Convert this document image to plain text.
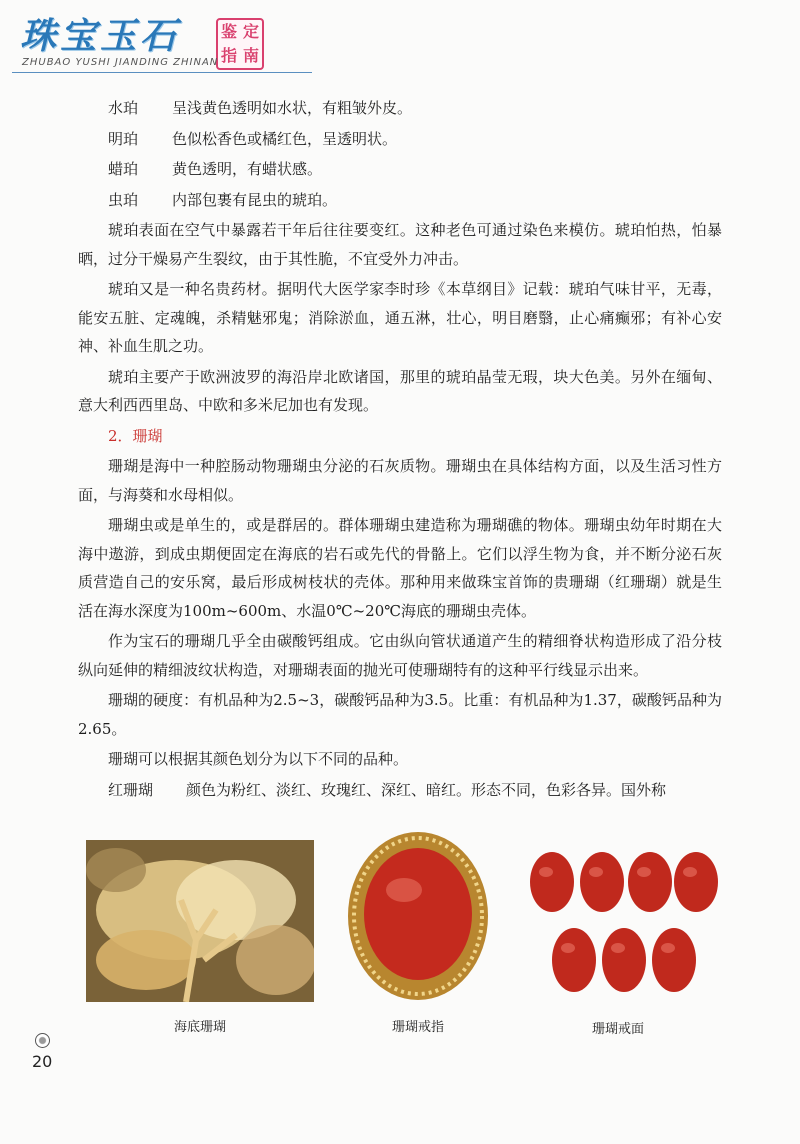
珠宝玉石	鉴 定
指 南
ZHUBAO YUSHI JIANDING ZHINAN

水珀 呈浅黄色透明如水状，有粗皱外皮。

明珀 色似松香色或橘红色，呈透明状。

蜡珀 黄色透明，有蜡状感。

虫珀 内部包裹有昆虫的琥珀。

琥珀表面在空气中暴露若干年后往往要变红。这种老色可通过染色来模仿。琥珀怕热，怕暴晒，过分干燥易产生裂纹，由于其性脆，不宜受外力冲击。

琥珀又是一种名贵药材。据明代大医学家李时珍《本草纲目》记载：琥珀气味甘平，无毒，能安五脏、定魂魄，杀精魅邪鬼；消除淤血，通五淋，壮心，明目磨翳，止心痛癫邪；有补心安神、补血生肌之功。

琥珀主要产于欧洲波罗的海沿岸北欧诸国，那里的琥珀晶莹无瑕，块大色美。另外在缅甸、意大利西西里岛、中欧和多米尼加也有发现。

2．珊瑚

珊瑚是海中一种腔肠动物珊瑚虫分泌的石灰质物。珊瑚虫在具体结构方面，以及生活习性方面，与海葵和水母相似。

珊瑚虫或是单生的，或是群居的。群体珊瑚虫建造称为珊瑚礁的物体。珊瑚虫幼年时期在大海中遨游，到成虫期便固定在海底的岩石或先代的骨骼上。它们以浮生物为食，并不断分泌石灰质营造自己的安乐窝，最后形成树枝状的壳体。那种用来做珠宝首饰的贵珊瑚（红珊瑚）就是生活在海水深度为100m~600m、水温0℃~20℃海底的珊瑚虫壳体。

作为宝石的珊瑚几乎全由碳酸钙组成。它由纵向管状通道产生的精细脊状构造形成了沿分枝纵向延伸的精细波纹状构造，对珊瑚表面的抛光可使珊瑚特有的这种平行线显示出来。

珊瑚的硬度：有机品种为2.5~3，碳酸钙品种为3.5。比重：有机品种为1.37，碳酸钙品种为2.65。

珊瑚可以根据其颜色划分为以下不同的品种。

红珊瑚 颜色为粉红、淡红、玫瑰红、深红、暗红。形态不同，色彩各异。国外称

海底珊瑚	珊瑚戒指	珊瑚戒面
20
